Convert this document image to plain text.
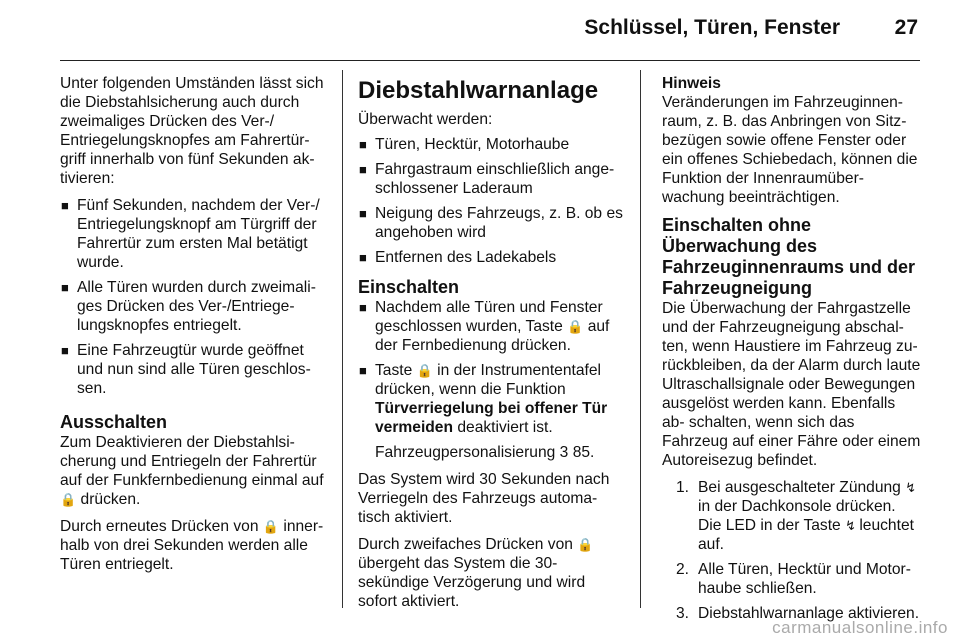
Schlüssel, Türen, Fenster	27

Unter folgenden Umständen lässt sich die Diebstahlsicherung auch durch zweimaliges Drücken des Ver-/ Entriegelungsknopfes am Fahrertür- griff innerhalb von fünf Sekunden ak- tivieren:

■ Fünf Sekunden, nachdem der Ver-/ Entriegelungsknopf am Türgriff der Fahrertür zum ersten Mal betätigt wurde.
■ Alle Türen wurden durch zweimali- ges Drücken des Ver-/Entriege- lungsknopfes entriegelt.
■ Eine Fahrzeugtür wurde geöffnet und nun sind alle Türen geschlos- sen.
Ausschalten

Zum Deaktivieren der Diebstahlsi- cherung und Entriegeln der Fahrertür auf der Funkfernbedienung einmal auf 🔒 drücken.

Durch erneutes Drücken von 🔒 inner- halb von drei Sekunden werden alle Türen entriegelt.

Diebstahlwarnanlage

Überwacht werden:

■ Türen, Hecktür, Motorhaube
■ Fahrgastraum einschließlich ange- schlossener Laderaum
■ Neigung des Fahrzeugs, z. B. ob es angehoben wird
■ Entfernen des Ladekabels
Einschalten
■ Nachdem alle Türen und Fenster geschlossen wurden, Taste 🔒 auf der Fernbedienung drücken.
■ Taste 🔒 in der Instrumententafel drücken, wenn die Funktion Türverriegelung bei offener Tür vermeiden deaktiviert ist.

Fahrzeugpersonalisierung 3 85.

Das System wird 30 Sekunden nach Verriegeln des Fahrzeugs automa- tisch aktiviert.

Durch zweifaches Drücken von 🔒 übergeht das System die 30-sekündige Verzögerung und wird sofort aktiviert.

Hinweis

Veränderungen im Fahrzeuginnen- raum, z. B. das Anbringen von Sitz- bezügen sowie offene Fenster oder ein offenes Schiebedach, können die Funktion der Innenraumüber- wachung beeinträchtigen.

Einschalten ohne Überwachung des Fahrzeuginnenraums und der Fahrzeugneigung

Die Überwachung der Fahrgastzelle und der Fahrzeugneigung abschal- ten, wenn Haustiere im Fahrzeug zu- rückbleiben, da der Alarm durch laute Ultraschallsignale oder Bewegungen ausgelöst werden kann. Ebenfalls ab- schalten, wenn sich das Fahrzeug auf einer Fähre oder einem Autoreisezug befindet.

1. Bei ausgeschalteter Zündung ↯ in der Dachkonsole drücken. Die LED in der Taste ↯ leuchtet auf.
2. Alle Türen, Hecktür und Motor- haube schließen.
3. Diebstahlwarnanlage aktivieren.
carmanualsonline.info
